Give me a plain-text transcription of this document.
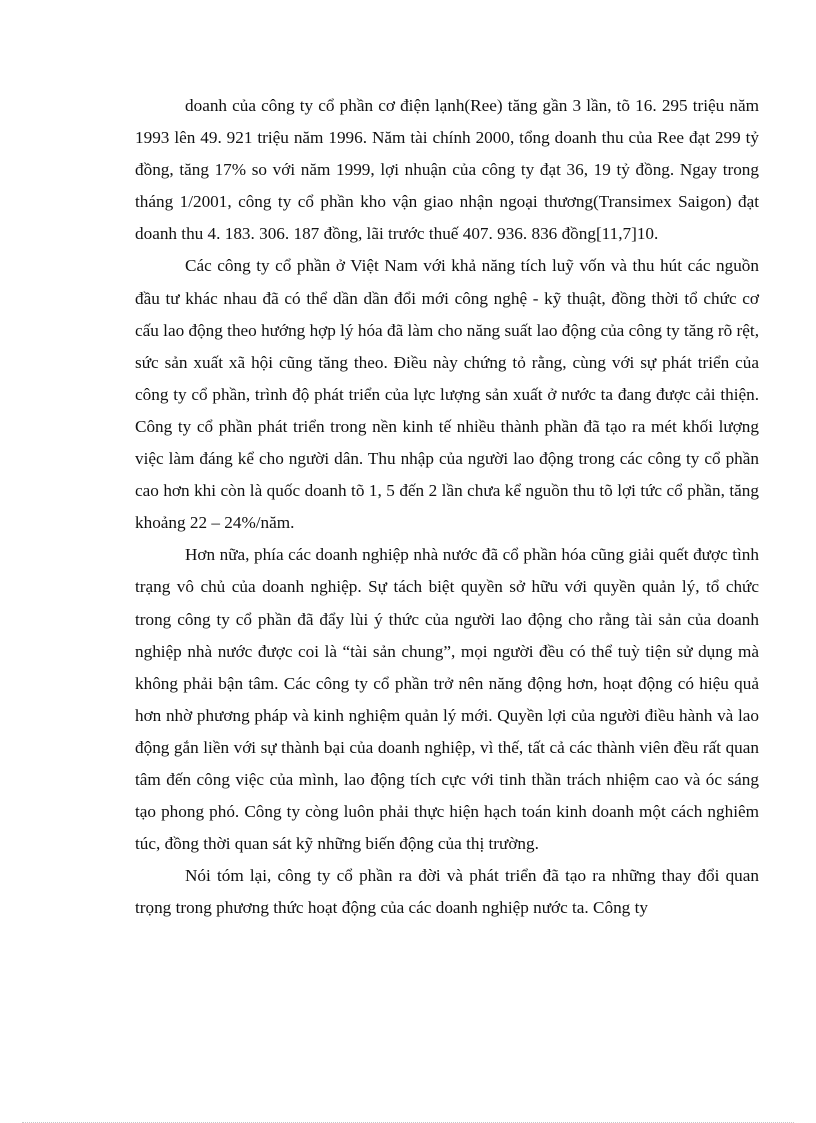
doanh của công ty cổ phần cơ điện lạnh(Ree) tăng gần 3 lần, tõ 16. 295 triệu năm 1993 lên 49. 921 triệu năm 1996. Năm tài chính 2000, tổng doanh thu của Ree đạt 299 tỷ đồng, tăng 17% so với năm 1999, lợi nhuận của công ty đạt 36, 19 tỷ đồng. Ngay trong tháng 1/2001, công ty cổ phần kho vận giao nhận ngoại thương(Transimex Saigon) đạt doanh thu 4. 183. 306. 187 đồng, lãi trước thuế 407. 936. 836 đồng[11,7]10.

Các công ty cổ phần ở Việt Nam với khả năng tích luỹ vốn và thu hút các nguồn đầu tư khác nhau đã có thể dần dần đổi mới công nghệ - kỹ thuật, đồng thời tổ chức cơ cấu lao động theo hướng hợp lý hóa đã làm cho năng suất lao động của công ty tăng rõ rệt, sức sản xuất xã hội cũng tăng theo. Điều này chứng tỏ rằng, cùng với sự phát triển của công ty cổ phần, trình độ phát triển của lực lượng sản xuất ở nước ta đang được cải thiện. Công ty cổ phần phát triển trong nền kinh tế nhiều thành phần đã tạo ra mét khối lượng việc làm đáng kể cho người dân. Thu nhập của người lao động trong các công ty cổ phần cao hơn khi còn là quốc doanh tõ 1, 5 đến 2 lần chưa kể nguồn thu tõ lợi tức cổ phần, tăng khoảng 22 – 24%/năm.

Hơn nữa, phía các doanh nghiệp nhà nước đã cổ phần hóa cũng giải quết được tình trạng vô chủ của doanh nghiệp. Sự tách biệt quyền sở hữu với quyền quản lý, tổ chức trong công ty cổ phần đã đẩy lùi ý thức của người lao động cho rằng tài sản của doanh nghiệp nhà nước được coi là “tài sản chung”, mọi người đều có thể tuỳ tiện sử dụng mà không phải bận tâm. Các công ty cổ phần trở nên năng động hơn, hoạt động có hiệu quả hơn nhờ phương pháp và kinh nghiệm quản lý mới. Quyền lợi của người điều hành và lao động gắn liền với sự thành bại của doanh nghiệp, vì thế, tất cả các thành viên đều rất quan tâm đến công việc của mình, lao động tích cực với tinh thần trách nhiệm cao và óc sáng tạo phong phó. Công ty còng luôn phải thực hiện hạch toán kinh doanh một cách nghiêm túc, đồng thời quan sát kỹ những biến động của thị trường.

Nói tóm lại, công ty cổ phần ra đời và phát triển đã tạo ra những thay đổi quan trọng trong phương thức hoạt động của các doanh nghiệp nước ta. Công ty
